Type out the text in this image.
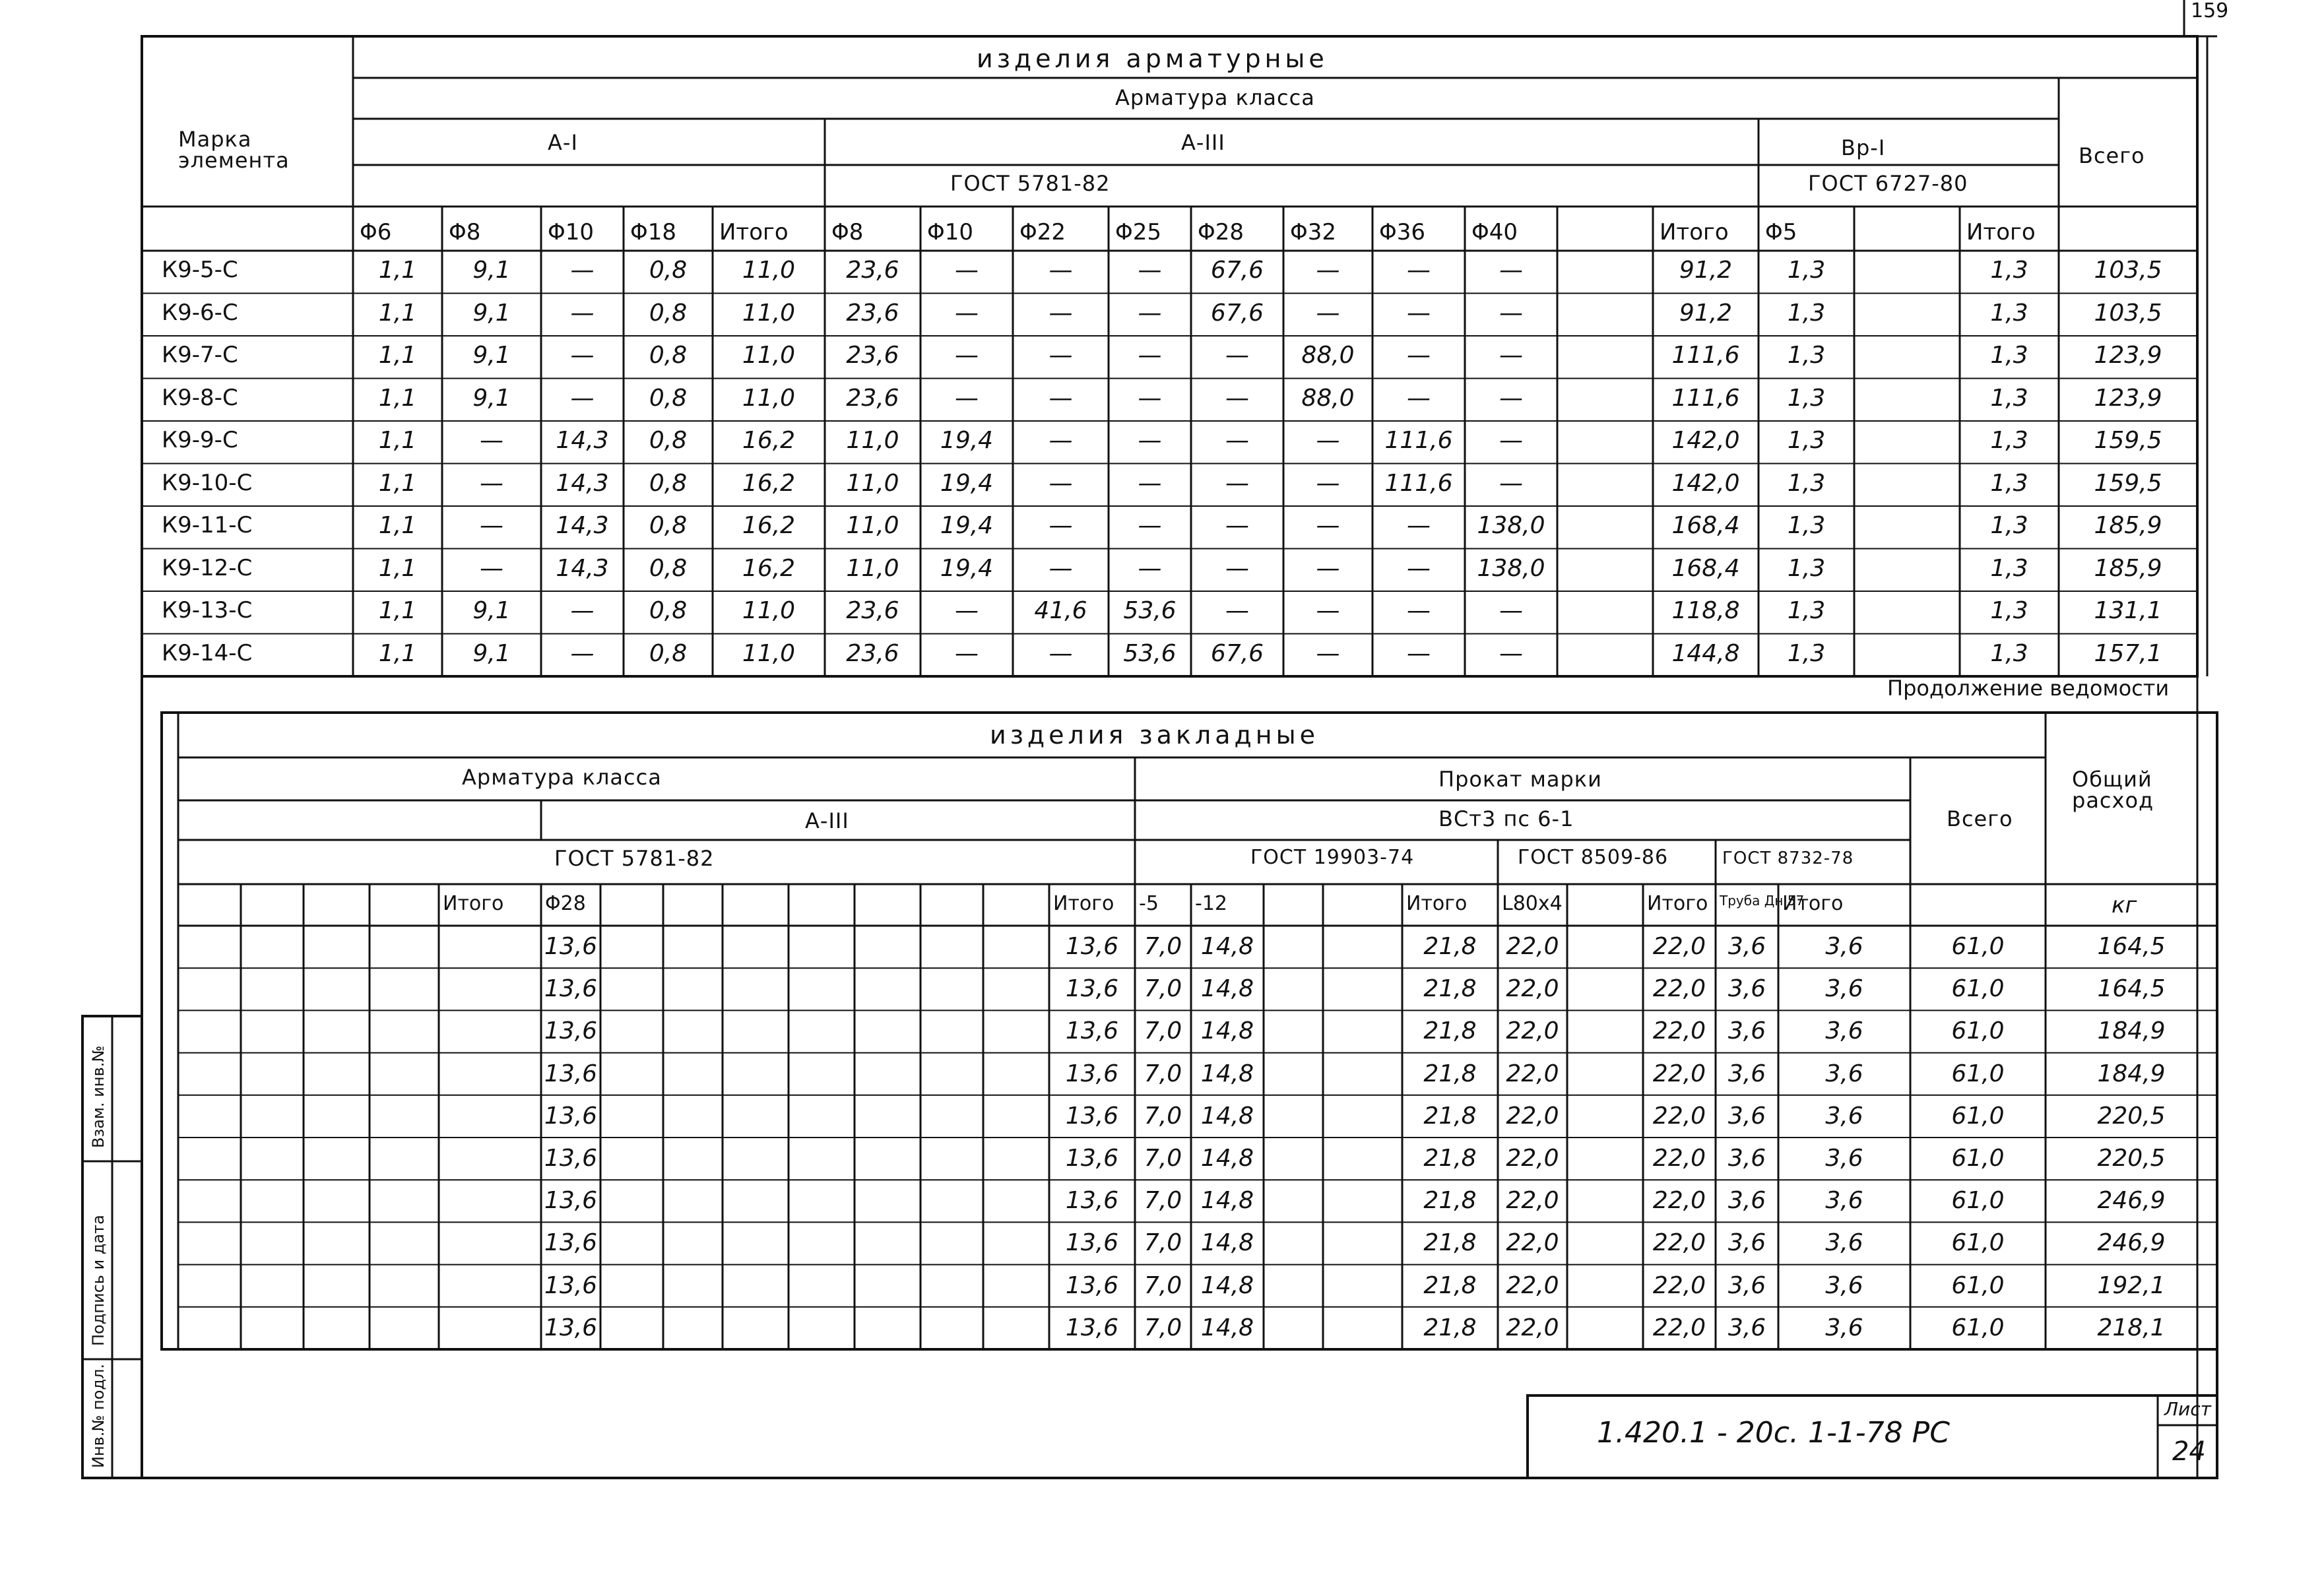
159
изделия арматурные
Арматура класса
Марка элемента	Всего
А-I	А-III	Вр-I
ГОСТ 5781-82	ГОСТ 6727-80
Φ6	Φ8	Φ10 Φ18 Итого Φ8	Φ10 Φ22 Φ25 Φ28 Φ32 Φ36 Φ40	Итого Φ5	Итого
К9-5-С	1,1	9,1	—	0,8	11,0	23,6	—	—	—	67,6	—	—	—	91,2	1,3	1,3	103,5
К9-6-С	1,1	9,1	—	0,8	11,0	23,6	—	—	—	67,6	—	—	—	91,2	1,3	1,3	103,5
К9-7-С	1,1	9,1	—	0,8	11,0	23,6	—	—	—	—	88,0	—	—	111,6	1,3	1,3	123,9
К9-8-С	1,1	9,1	—	0,8	11,0	23,6	—	—	—	—	88,0	—	—	111,6	1,3	1,3	123,9
К9-9-С	1,1	—	14,3	0,8	16,2	11,0	19,4	—	—	—	—	111,6	—	142,0	1,3	1,3	159,5
К9-10-С	1,1	—	14,3	0,8	16,2	11,0	19,4	—	—	—	—	111,6	—	142,0	1,3	1,3	159,5
К9-11-С	1,1	—	14,3	0,8	16,2	11,0	19,4	—	—	—	—	—	138,0	168,4	1,3	1,3	185,9
К9-12-С	1,1	—	14,3	0,8	16,2	11,0	19,4	—	—	—	—	—	138,0	168,4	1,3	1,3	185,9
К9-13-С	1,1	9,1	—	0,8	11,0	23,6	—	41,6	53,6	—	—	—	—	118,8	1,3	1,3	131,1
К9-14-С	1,1	9,1	—	0,8	11,0	23,6	—	—	53,6	67,6	—	—	—	144,8	1,3	1,3	157,1
Продолжение ведомости
изделия закладные
Арматура класса	Прокат марки
Всего
Общий расход
А-III	ВСт3 пс 6-1
ГОСТ 5781-82	ГОСТ 19903-74	ГОСТ 8509-86	ГОСТ 8732-78
Итого Φ28	Итого -5 -12	Итого L80x4	Итого Труба Дн 57
Итого	кг
13,6	13,6	7,0 14,8	21,8	22,0	22,0 3,6	3,6	61,0	164,5
13,6	13,6	7,0 14,8	21,8	22,0	22,0 3,6	3,6	61,0	164,5
13,6	13,6	7,0 14,8	21,8	22,0	22,0 3,6	3,6	61,0	184,9
13,6	13,6	7,0 14,8	21,8	22,0	22,0 3,6	3,6	61,0	184,9
13,6	13,6	7,0 14,8	21,8	22,0	22,0 3,6	3,6	61,0	220,5
13,6	13,6	7,0 14,8	21,8	22,0	22,0 3,6	3,6	61,0	220,5
13,6	13,6	7,0 14,8	21,8	22,0	22,0 3,6	3,6	61,0	246,9
13,6	13,6	7,0 14,8	21,8	22,0	22,0 3,6	3,6	61,0	246,9
13,6	13,6	7,0 14,8	21,8	22,0	22,0 3,6	3,6	61,0	192,1
13,6	13,6	7,0 14,8	21,8	22,0	22,0 3,6	3,6	61,0	218,1
Инв.№ подл.
Подпись и дата
Взам. инв.№
1.420.1 - 20с. 1-1-78 РС
Лист
24
